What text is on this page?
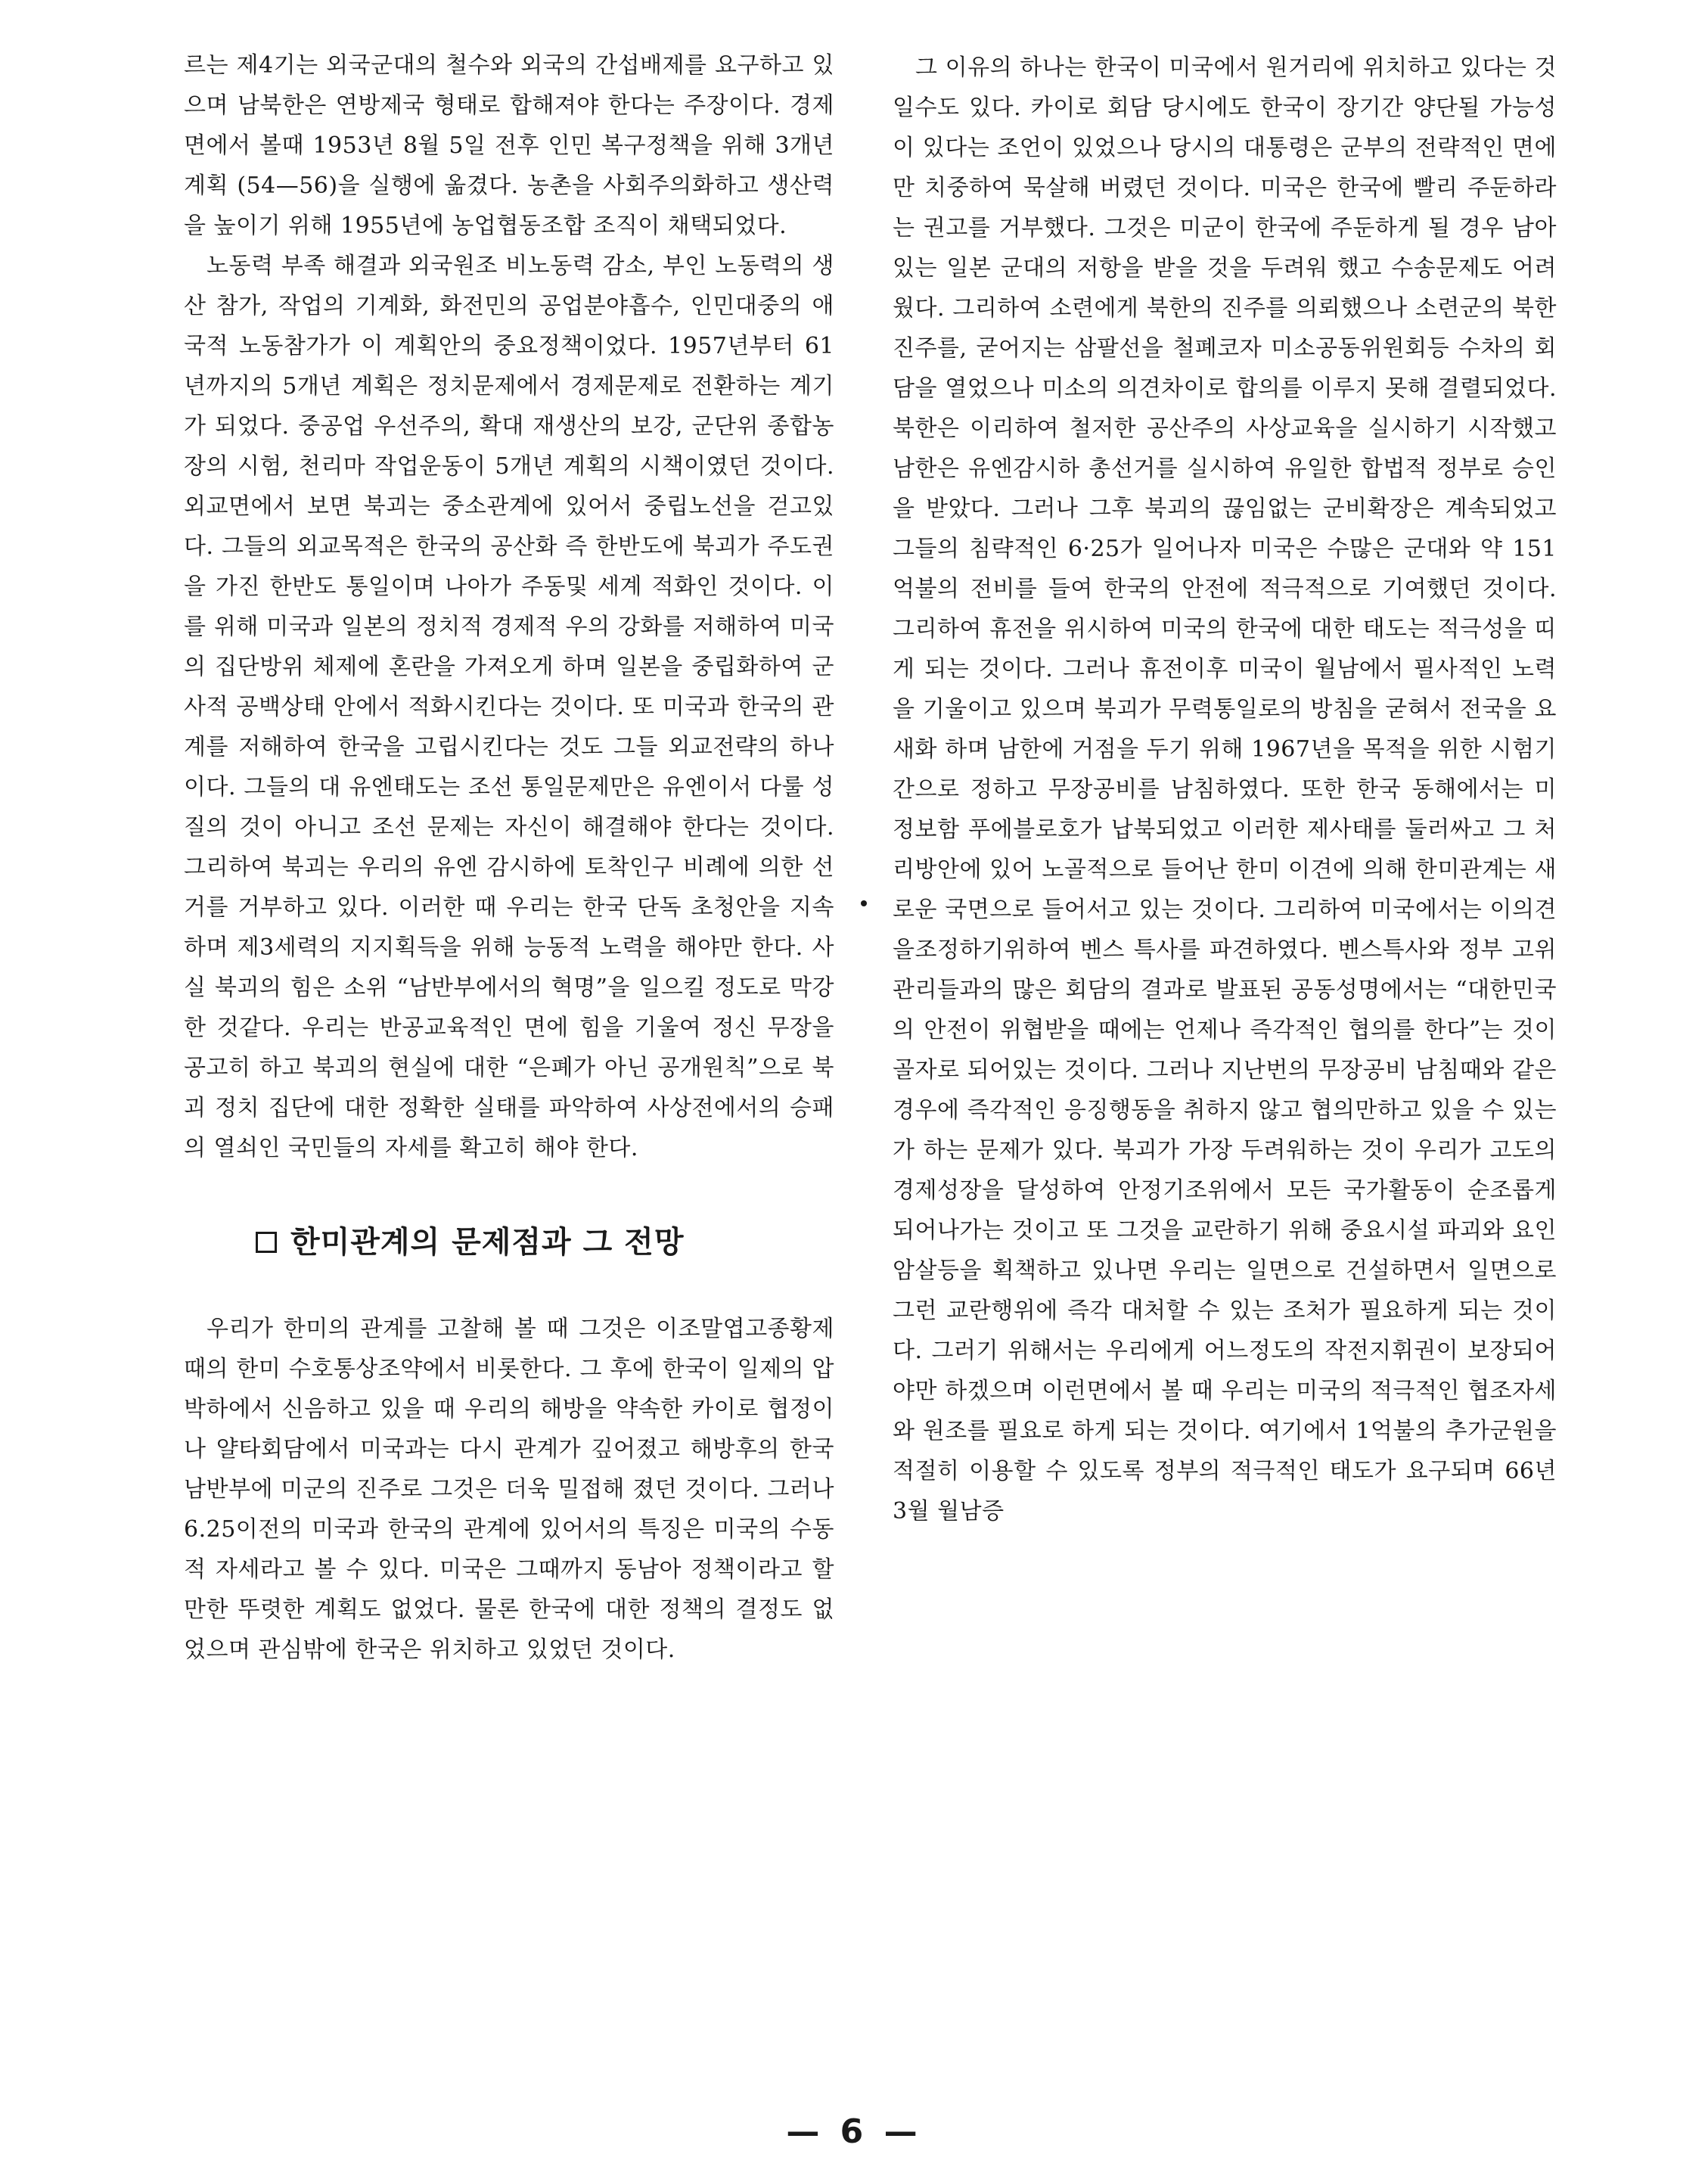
르는 제4기는 외국군대의 철수와 외국의 간섭배제를 요구하고 있으며 남북한은 연방제국 형태로 합해져야 한다는 주장이다. 경제면에서 볼때 1953년 8월 5일 전후 인민 복구정책을 위해 3개년 계획 (54—56)을 실행에 옮겼다. 농촌을 사회주의화하고 생산력을 높이기 위해 1955년에 농업협동조합 조직이 채택되었다.

노동력 부족 해결과 외국원조 비노동력 감소, 부인 노동력의 생산 참가, 작업의 기계화, 화전민의 공업분야흡수, 인민대중의 애국적 노동참가가 이 계획안의 중요정책이었다. 1957년부터 61년까지의 5개년 계획은 정치문제에서 경제문제로 전환하는 계기가 되었다. 중공업 우선주의, 확대 재생산의 보강, 군단위 종합농장의 시험, 천리마 작업운동이 5개년 계획의 시책이였던 것이다. 외교면에서 보면 북괴는 중소관계에 있어서 중립노선을 걷고있다. 그들의 외교목적은 한국의 공산화 즉 한반도에 북괴가 주도권을 가진 한반도 통일이며 나아가 주동및 세계 적화인 것이다. 이를 위해 미국과 일본의 정치적 경제적 우의 강화를 저해하여 미국의 집단방위 체제에 혼란을 가져오게 하며 일본을 중립화하여 군사적 공백상태 안에서 적화시킨다는 것이다. 또 미국과 한국의 관계를 저해하여 한국을 고립시킨다는 것도 그들 외교전략의 하나이다. 그들의 대 유엔태도는 조선 통일문제만은 유엔이서 다룰 성질의 것이 아니고 조선 문제는 자신이 해결해야 한다는 것이다. 그리하여 북괴는 우리의 유엔 감시하에 토착인구 비례에 의한 선거를 거부하고 있다. 이러한 때 우리는 한국 단독 초청안을 지속하며 제3세력의 지지획득을 위해 능동적 노력을 해야만 한다. 사실 북괴의 힘은 소위 “남반부에서의 혁명”을 일으킬 정도로 막강한 것같다. 우리는 반공교육적인 면에 힘을 기울여 정신 무장을 공고히 하고 북괴의 현실에 대한 “은폐가 아닌 공개원칙”으로 북괴 정치 집단에 대한 정확한 실태를 파악하여 사상전에서의 승패의 열쇠인 국민들의 자세를 확고히 해야 한다.

한미관계의 문제점과 그 전망

우리가 한미의 관계를 고찰해 볼 때 그것은 이조말엽고종황제때의 한미 수호통상조약에서 비롯한다. 그 후에 한국이 일제의 압박하에서 신음하고 있을 때 우리의 해방을 약속한 카이로 협정이나 얄타회담에서 미국과는 다시 관계가 깊어졌고 해방후의 한국 남반부에 미군의 진주로 그것은 더욱 밀접해 졌던 것이다. 그러나 6.25이전의 미국과 한국의 관계에 있어서의 특징은 미국의 수동적 자세라고 볼 수 있다. 미국은 그때까지 동남아 정책이라고 할 만한 뚜렷한 계획도 없었다. 물론 한국에 대한 정책의 결정도 없었으며 관심밖에 한국은 위치하고 있었던 것이다.

그 이유의 하나는 한국이 미국에서 원거리에 위치하고 있다는 것일수도 있다. 카이로 회담 당시에도 한국이 장기간 양단될 가능성이 있다는 조언이 있었으나 당시의 대통령은 군부의 전략적인 면에만 치중하여 묵살해 버렸던 것이다. 미국은 한국에 빨리 주둔하라는 권고를 거부했다. 그것은 미군이 한국에 주둔하게 될 경우 남아있는 일본 군대의 저항을 받을 것을 두려워 했고 수송문제도 어려웠다. 그리하여 소련에게 북한의 진주를 의뢰했으나 소련군의 북한 진주를, 굳어지는 삼팔선을 철폐코자 미소공동위원회등 수차의 회담을 열었으나 미소의 의견차이로 합의를 이루지 못해 결렬되었다. 북한은 이리하여 철저한 공산주의 사상교육을 실시하기 시작했고 남한은 유엔감시하 총선거를 실시하여 유일한 합법적 정부로 승인을 받았다. 그러나 그후 북괴의 끊임없는 군비확장은 계속되었고 그들의 침략적인 6·25가 일어나자 미국은 수많은 군대와 약 151억불의 전비를 들여 한국의 안전에 적극적으로 기여했던 것이다. 그리하여 휴전을 위시하여 미국의 한국에 대한 태도는 적극성을 띠게 되는 것이다. 그러나 휴전이후 미국이 월남에서 필사적인 노력을 기울이고 있으며 북괴가 무력통일로의 방침을 굳혀서 전국을 요새화 하며 남한에 거점을 두기 위해 1967년을 목적을 위한 시험기간으로 정하고 무장공비를 남침하였다. 또한 한국 동해에서는 미 정보함 푸에블로호가 납북되었고 이러한 제사태를 둘러싸고 그 처리방안에 있어 노골적으로 들어난 한미 이견에 의해 한미관계는 새로운 국면으로 들어서고 있는 것이다. 그리하여 미국에서는 이의견을조정하기위하여 벤스 특사를 파견하였다. 벤스특사와 정부 고위관리들과의 많은 회담의 결과로 발표된 공동성명에서는 “대한민국 의 안전이 위협받을 때에는 언제나 즉각적인 협의를 한다”는 것이 골자로 되어있는 것이다. 그러나 지난번의 무장공비 남침때와 같은 경우에 즉각적인 응징행동을 취하지 않고 협의만하고 있을 수 있는가 하는 문제가 있다. 북괴가 가장 두려워하는 것이 우리가 고도의 경제성장을 달성하여 안정기조위에서 모든 국가활동이 순조롭게 되어나가는 것이고 또 그것을 교란하기 위해 중요시설 파괴와 요인암살등을 획책하고 있나면 우리는 일면으로 건설하면서 일면으로 그런 교란행위에 즉각 대처할 수 있는 조처가 필요하게 되는 것이다. 그러기 위해서는 우리에게 어느정도의 작전지휘권이 보장되어야만 하겠으며 이런면에서 볼 때 우리는 미국의 적극적인 협조자세와 원조를 필요로 하게 되는 것이다. 여기에서 1억불의 추가군원을 적절히 이용할 수 있도록 정부의 적극적인 태도가 요구되며 66년 3월 월남증

— 6 —
